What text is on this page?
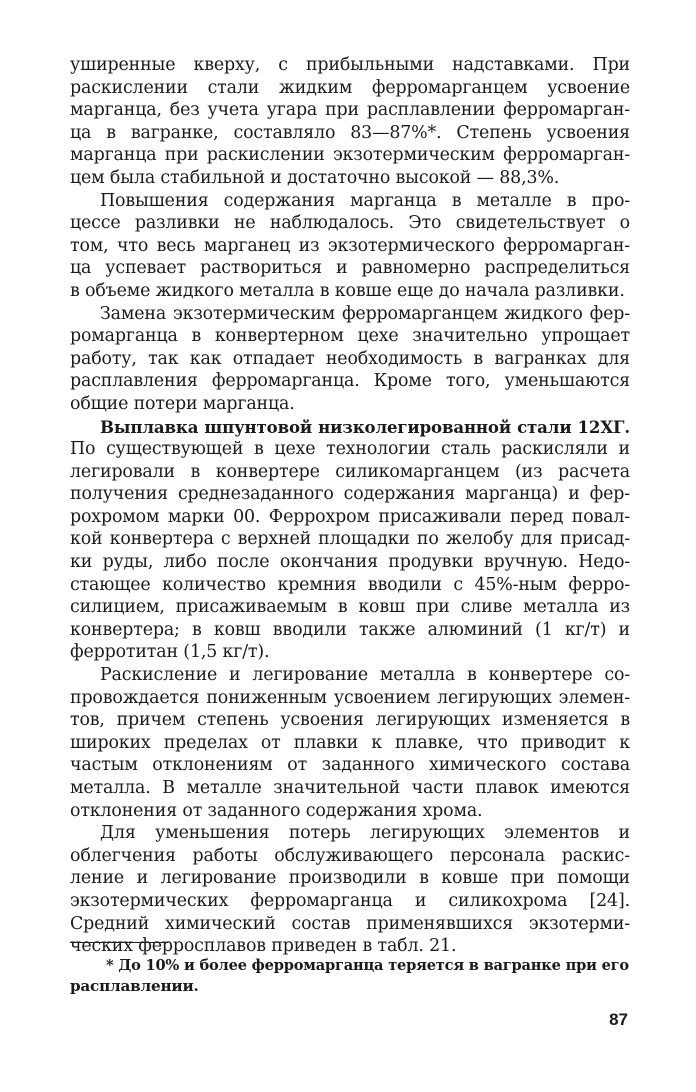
уширенные кверху, с прибыльными надставками. При
раскислении стали жидким ферромарганцем усвоение
марганца, без учета угара при расплавлении ферромаргaн-
ца в вагранке, составляло 83—87%*. Степень усвоения
марганца при раскислении экзотермическим ферромарган-
цем была стабильной и достаточно высокой — 88,3%.
Повышения содержания марганца в металле в про-
цессе разливки не наблюдалось. Это свидетельствует о
том, что весь марганец из экзотермического ферромарган-
ца успевает раствориться и равномерно распределиться
в объеме жидкого металла в ковше еще до начала разливки.
Замена экзотермическим ферромарганцем жидкого фер-
ромарганца в конвертерном цехе значительно упрощает
работу, так как отпадает необходимость в вагранках для
расплавления ферромарганца. Кроме того, уменьшаются
общие потери марганца.
Выплавка шпунтовой низколегированной стали 12ХГ.
По существующей в цехе технологии сталь раскисляли и
легировали в конвертере силикомарганцем (из расчета
получения среднезаданного содержания марганца) и фер-
рохромом марки 00. Феррохром присаживали перед повал-
кой конвертера с верхней площадки по желобу для присад-
ки руды, либо после окончания продувки вручную. Недо-
стающее количество кремния вводили с 45%-ным ферро-
силицием, присаживаемым в ковш при сливе металла из
конвертера; в ковш вводили также алюминий (1 кг/т) и
ферротитан (1,5 кг/т).
Раскисление и легирование металла в конвертере со-
провождается пониженным усвоением легирующих элемен-
тов, причем степень усвоения легирующих изменяется в
широких пределах от плавки к плавке, что приводит к
частым отклонениям от заданного химического состава
металла. В металле значительной части плавок имеются
отклонения от заданного содержания хрома.
Для уменьшения потерь легирующих элементов и
облегчения работы обслуживающего персонала раскис-
ление и легирование производили в ковше при помощи
экзотермических ферромарганца и силикохрома [24].
Средний химический состав применявшихся экзотерми-
ческих ферросплавов приведен в табл. 21.
* До 10% и более ферромарганца теряется в вагранке при его
расплавлении.
87
